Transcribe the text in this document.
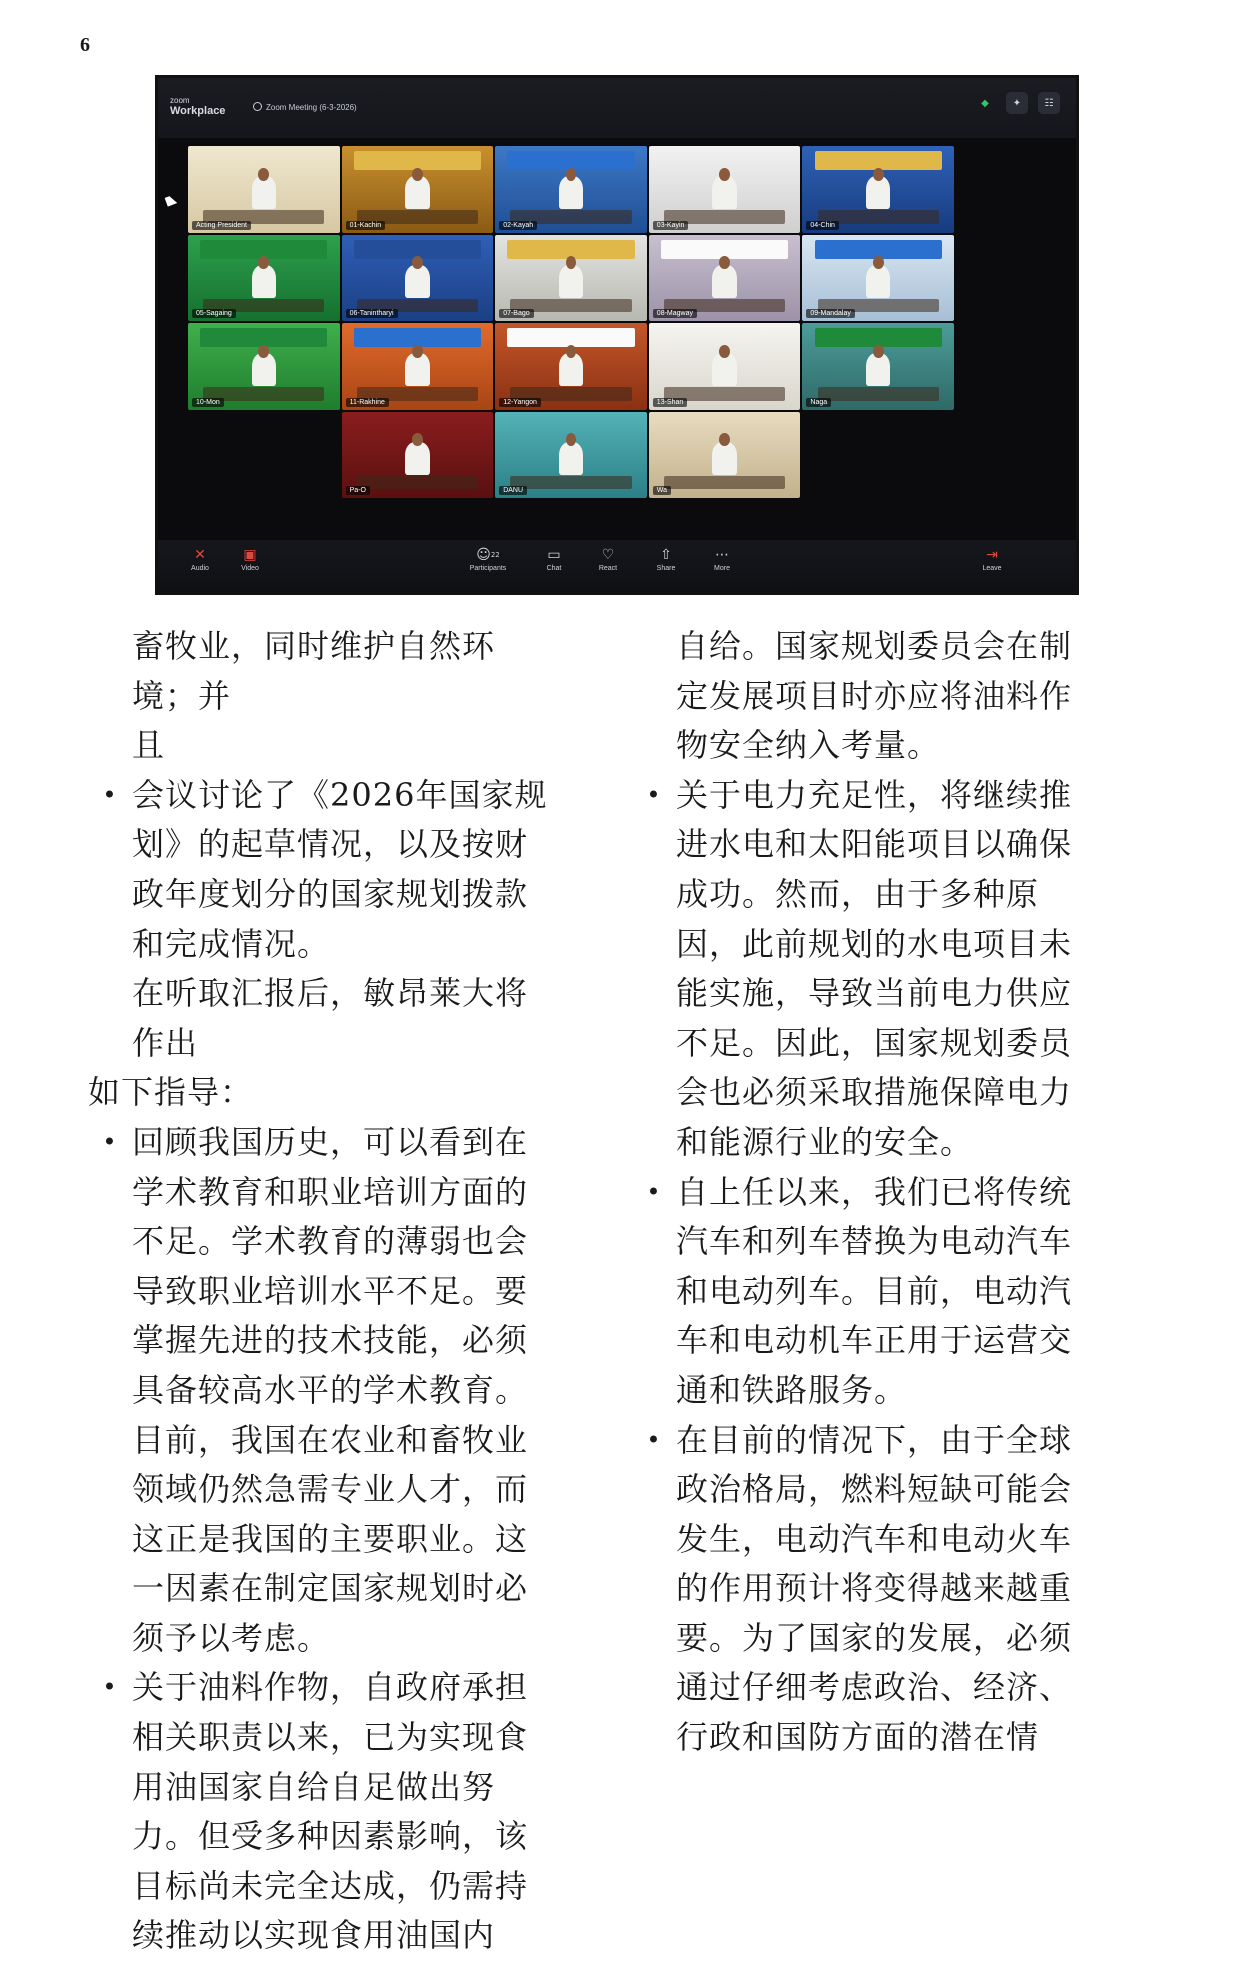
6
zoom
Workplace	Zoom Meeting (6-3-2026)	◆	✦	☷
Acting President	01-Kachin	02-Kayah	03-Kayin	04-Chin
05-Sagaing	06-Tanintharyi	07-Bago	08-Magway	09-Mandalay
10-Mon	11-Rakhine	12-Yangon	13-Shan	Naga
Pa-O	DANU	Wa
✕
Audio
▣
Video
☺$^{22}$
Participants
▭
Chat
♡
React
⇧
Share
⋯
More
⇥
Leave
畜牧业，同时维护自然环境；并
且
• 会议讨论了《2026年国家规划》的起草情况，以及按财政年度划分的国家规划拨款和完成情况。
在听取汇报后，敏昂莱大将作出
如下指导：
• 回顾我国历史，可以看到在学术教育和职业培训方面的不足。学术教育的薄弱也会导致职业培训水平不足。要掌握先进的技术技能，必须具备较高水平的学术教育。目前，我国在农业和畜牧业领域仍然急需专业人才，而这正是我国的主要职业。这一因素在制定国家规划时必须予以考虑。
• 关于油料作物，自政府承担相关职责以来，已为实现食用油国家自给自足做出努力。但受多种因素影响，该目标尚未完全达成，仍需持续推动以实现食用油国内
自给。国家规划委员会在制定发展项目时亦应将油料作物安全纳入考量。
• 关于电力充足性，将继续推进水电和太阳能项目以确保成功。然而，由于多种原因，此前规划的水电项目未能实施，导致当前电力供应不足。因此，国家规划委员会也必须采取措施保障电力和能源行业的安全。
• 自上任以来，我们已将传统汽车和列车替换为电动汽车和电动列车。目前，电动汽车和电动机车正用于运营交通和铁路服务。
• 在目前的情况下，由于全球政治格局，燃料短缺可能会发生，电动汽车和电动火车的作用预计将变得越来越重要。为了国家的发展，必须通过仔细考虑政治、经济、行政和国防方面的潜在情
